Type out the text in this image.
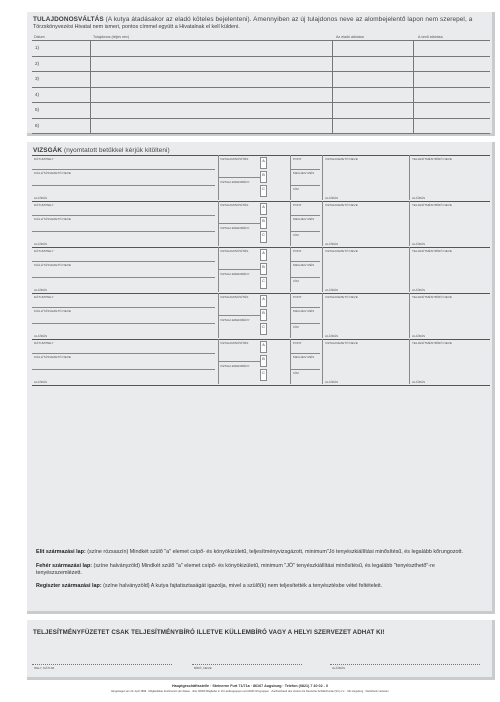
TULAJDONOSVÁLTÁS (A kutya átadásakor az eladó köteles bejelenteni). Amennyiben az új tulajdonos neve az alombejelentő lapon nem szerepel, a
Törzskönyvezési Hivatal nem ismeri, pontos címmel együtt a Hivatalnak el kell küldeni.
Dátum	Tulajdonos (teljes név)	Az eladó aláírása	A vevő aláírása
1)
2)
3)
4)
5)
6)
VIZSGÁK (nyomtatott betűkkel kérjük kitölteni)
DÁTUM/HELY
KIÁLLÍTÁSVEZETŐ NEVE
ALÁÍRÁS
VIZSGAMINŐSÍTÉS
VIZSGA EREDMÉNY
A
B
C
PONT
MEGJEGYZÉS
CÍM
VIZSGAVEZETŐ NEVE
ALÁÍRÁS
TELJESÍTMÉNYBÍRÓ NEVE
ALÁÍRÁS
DÁTUM/HELY
KIÁLLÍTÁSVEZETŐ NEVE
ALÁÍRÁS
VIZSGAMINŐSÍTÉS
VIZSGA EREDMÉNY
A
B
C
PONT
MEGJEGYZÉS
CÍM
VIZSGAVEZETŐ NEVE
ALÁÍRÁS
TELJESÍTMÉNYBÍRÓ NEVE
ALÁÍRÁS
DÁTUM/HELY
KIÁLLÍTÁSVEZETŐ NEVE
ALÁÍRÁS
VIZSGAMINŐSÍTÉS
VIZSGA EREDMÉNY
A
B
C
PONT
MEGJEGYZÉS
CÍM
VIZSGAVEZETŐ NEVE
ALÁÍRÁS
TELJESÍTMÉNYBÍRÓ NEVE
ALÁÍRÁS
DÁTUM/HELY
KIÁLLÍTÁSVEZETŐ NEVE
ALÁÍRÁS
VIZSGAMINŐSÍTÉS
VIZSGA EREDMÉNY
A
B
C
PONT
MEGJEGYZÉS
CÍM
VIZSGAVEZETŐ NEVE
ALÁÍRÁS
TELJESÍTMÉNYBÍRÓ NEVE
ALÁÍRÁS
DÁTUM/HELY
KIÁLLÍTÁSVEZETŐ NEVE
ALÁÍRÁS
VIZSGAMINŐSÍTÉS
VIZSGA EREDMÉNY
A
B
C
PONT
MEGJEGYZÉS
CÍM
VIZSGAVEZETŐ NEVE
ALÁÍRÁS
TELJESÍTMÉNYBÍRÓ NEVE
ALÁÍRÁS
Elit származási lap: (színe rózsaszín) Mindkét szülő "a" elemet csípő- és könyökizületű, teljesítményvizsgázott, minimum"Jó tenyészkiállítási minősítésű, és legalább kőrungozott.
Fehér származási lap: (színe halványzöld) Mindkét szülő "a" elemet csípő- és könyökizületű, minimum "JÓ" tenyészkiállítási minősítésű, és legalább "tenyészthető"-re tenyészszemlézett.
Regiszter származási lap: (színe halványzöld) A kutya fajtatisztaságát igazolja, mivel a szülő(k) nem teljesítették a tenyésztésbe vétel feltételeit.
TELJESÍTMÉNYFÜZETET CSAK TELJESÍTMÉNYBÍRÓ ILLETVE KÜLLEMBÍRÓ VAGY A HELYI SZERVEZET ADHAT KI!
HELY, DÁTUM	BÍRÓ, NEVE	ALÁÍRÁS
Hauptgeschäftsstelle · Steinerne Furt 71/71a · 86167 Augsburg · Telefon (0821) 7 40 02 - 0
Eingetragen am 22. April 1899 · Mitgliedsbau Zuchtverein der Rasse · über 90000 Mitglieder in 19 Landesgruppen und 2000 Ortsgruppen · Zuchtverband des Vereins für Deutsche Schäferhunde (SV) e.V. · Sitz Augsburg · Nachdruck verboten
